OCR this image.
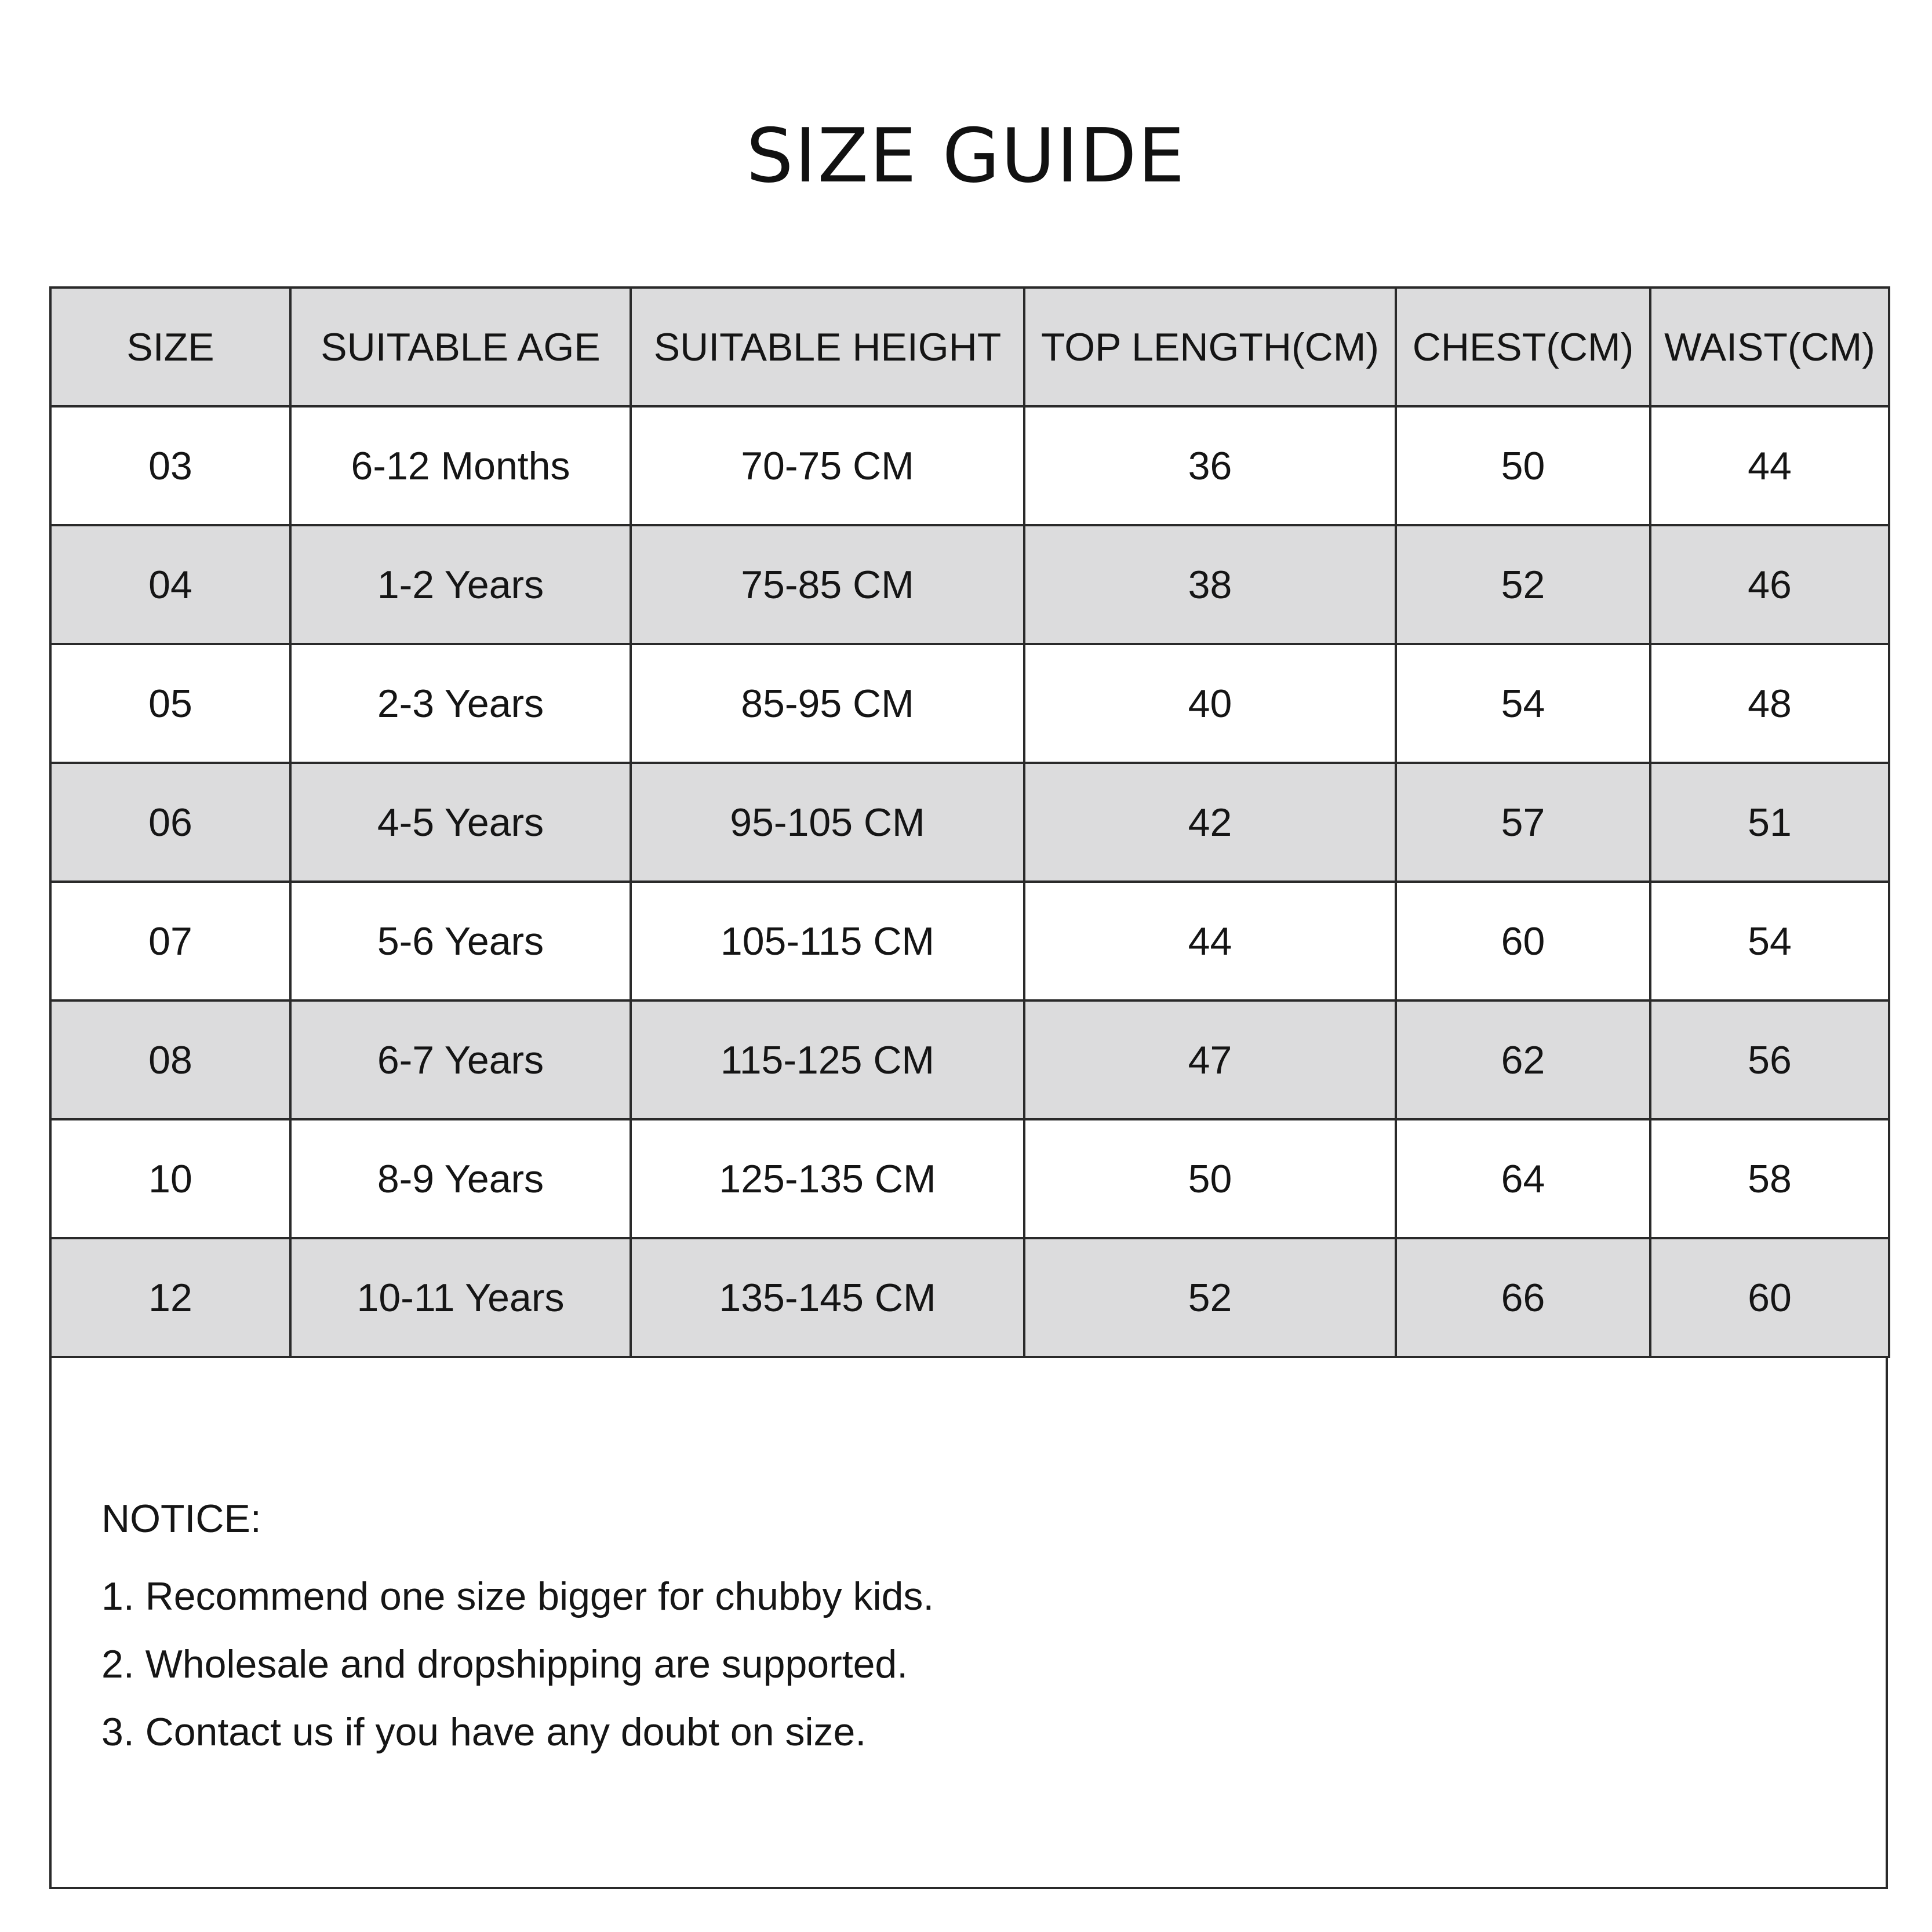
SIZE GUIDE
SIZE	SUITABLE AGE	SUITABLE HEIGHT	TOP LENGTH(CM)	CHEST(CM)	WAIST(CM)
03	6-12 Months	70-75 CM	36	50	44
04	1-2 Years	75-85 CM	38	52	46
05	2-3 Years	85-95 CM	40	54	48
06	4-5 Years	95-105 CM	42	57	51
07	5-6 Years	105-115 CM	44	60	54
08	6-7 Years	115-125 CM	47	62	56
10	8-9 Years	125-135 CM	50	64	58
12	10-11 Years	135-145 CM	52	66	60
NOTICE:
1. Recommend one size bigger for chubby kids.
2. Wholesale and dropshipping are supported.
3. Contact us if you have any doubt on size.
